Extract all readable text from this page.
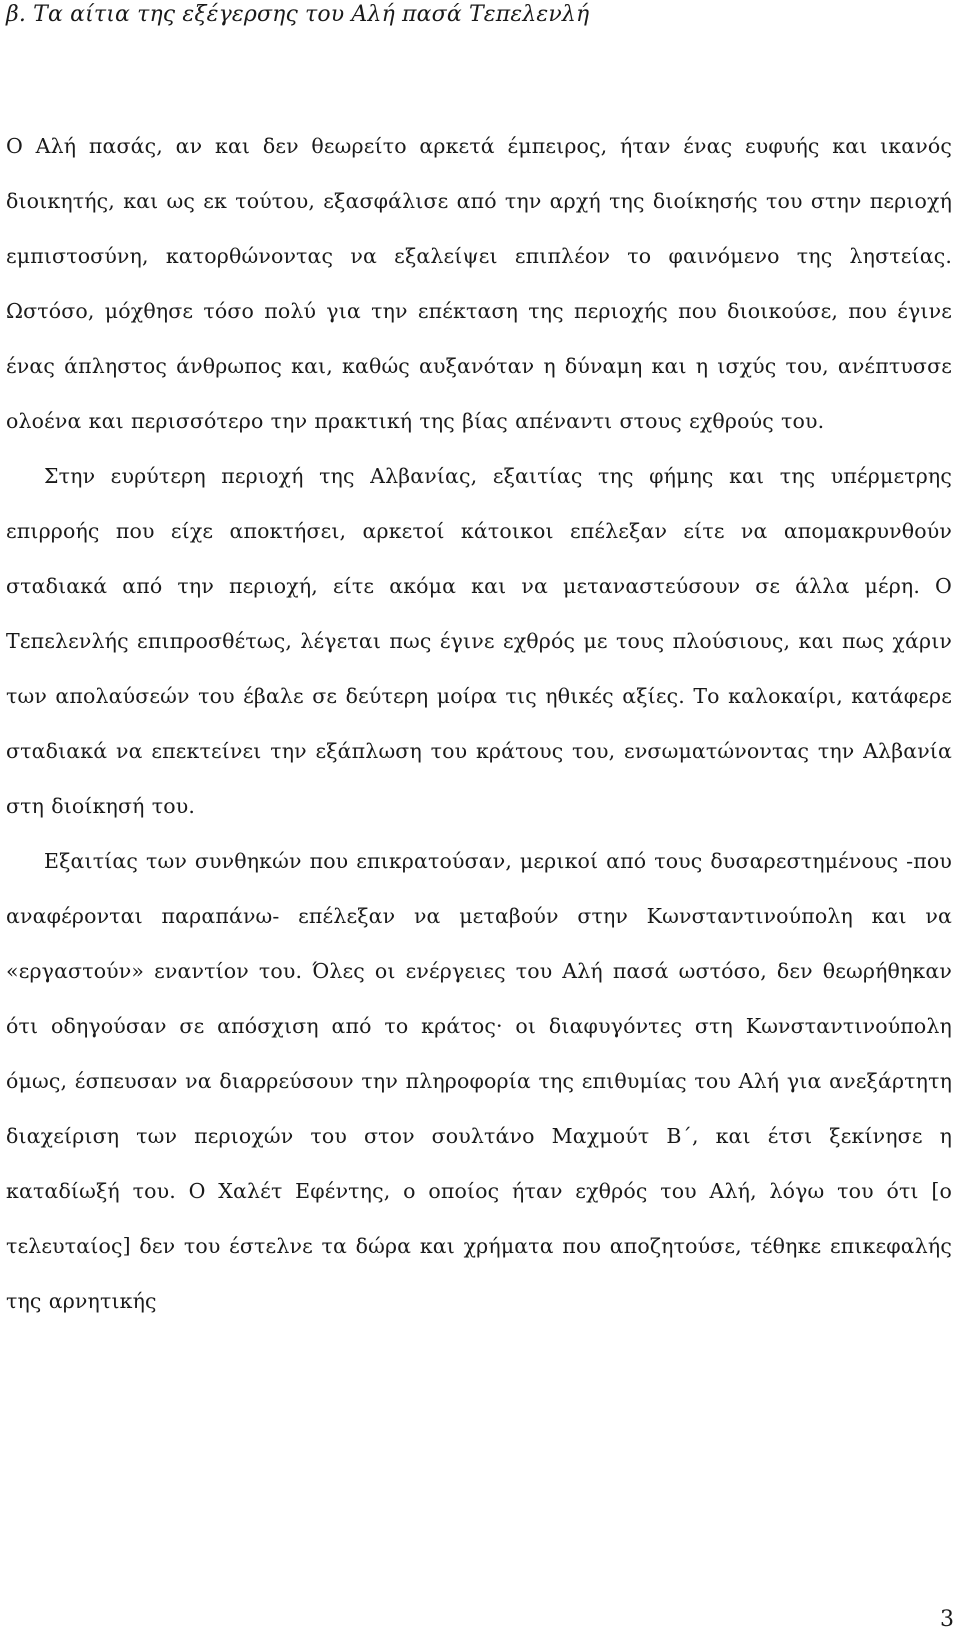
β. Τα αίτια της εξέγερσης του Αλή πασά Τεπελενλή

Ο Αλή πασάς, αν και δεν θεωρείτο αρκετά έμπειρος, ήταν ένας ευφυής και ικανός διοικητής, και ως εκ τούτου, εξασφάλισε από την αρχή της διοίκησής του στην περιοχή εμπιστοσύνη, κατορθώνοντας να εξαλείψει επιπλέον το φαινόμενο της ληστείας. Ωστόσο, μόχθησε τόσο πολύ για την επέκταση της περιοχής που διοικούσε, που έγινε ένας άπληστος άνθρωπος και, καθώς αυξανόταν η δύναμη και η ισχύς του, ανέπτυσσε ολοένα και περισσότερο την πρακτική της βίας απέναντι στους εχθρούς του.

Στην ευρύτερη περιοχή της Αλβανίας, εξαιτίας της φήμης και της υπέρμετρης επιρροής που είχε αποκτήσει, αρκετοί κάτοικοι επέλεξαν είτε να απομακρυνθούν σταδιακά από την περιοχή, είτε ακόμα και να μεταναστεύσουν σε άλλα μέρη. Ο Τεπελενλής επιπροσθέτως, λέγεται πως έγινε εχθρός με τους πλούσιους, και πως χάριν των απολαύσεών του έβαλε σε δεύτερη μοίρα τις ηθικές αξίες. Το καλοκαίρι, κατάφερε σταδιακά να επεκτείνει την εξάπλωση του κράτους του, ενσωματώνοντας την Αλβανία στη διοίκησή του.

Εξαιτίας των συνθηκών που επικρατούσαν, μερικοί από τους δυσαρεστημένους -που αναφέρονται παραπάνω- επέλεξαν να μεταβούν στην Κωνσταντινούπολη και να «εργαστούν» εναντίον του. Όλες οι ενέργειες του Αλή πασά ωστόσο, δεν θεωρήθηκαν ότι οδηγούσαν σε απόσχιση από το κράτος· οι διαφυγόντες στη Κωνσταντινούπολη όμως, έσπευσαν να διαρρεύσουν την πληροφορία της επιθυμίας του Αλή για ανεξάρτητη διαχείριση των περιοχών του στον σουλτάνο Μαχμούτ Β΄, και έτσι ξεκίνησε η καταδίωξή του. Ο Χαλέτ Εφέντης, ο οποίος ήταν εχθρός του Αλή, λόγω του ότι [ο τελευταίος] δεν του έστελνε τα δώρα και χρήματα που αποζητούσε, τέθηκε επικεφαλής της αρνητικής

3
